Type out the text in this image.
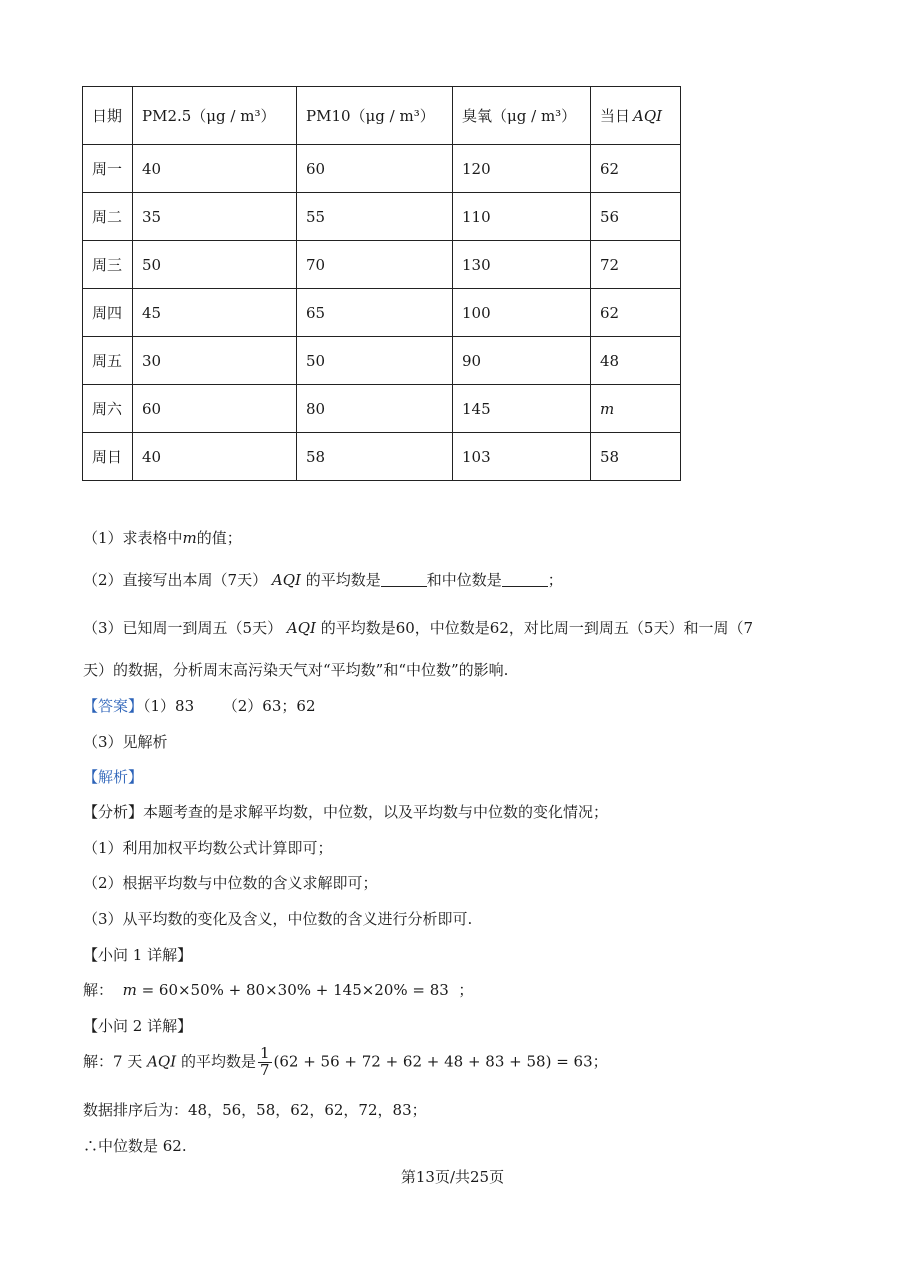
日期	PM2.5（μg / m³）	PM10（μg / m³）	臭氧（μg / m³）	当日 AQI
周一	40	60	120	62
周二	35	55	110	56
周三	50	70	130	72
周四	45	65	100	62
周五	30	50	90	48
周六	60	80	145	m
周日	40	58	103	58
（1）求表格中m的值；
（2）直接写出本周（7天） AQI 的平均数是	和中位数是	；
（3）已知周一到周五（5天） AQI 的平均数是60，中位数是62，对比周一到周五（5天）和一周（7
天）的数据，分析周末高污染天气对“平均数”和“中位数”的影响.
【答案】（1）83 （2）63；62
（3）见解析
【解析】
【分析】本题考查的是求解平均数，中位数，以及平均数与中位数的变化情况；
（1）利用加权平均数公式计算即可；
（2）根据平均数与中位数的含义求解即可；
（3）从平均数的变化及含义，中位数的含义进行分析即可.
【小问 1 详解】
解： m = 60×50% + 80×30% + 145×20% = 83 ；
【小问 2 详解】
解：7 天 AQI 的平均数是 $\frac{1}{7} (62 + 56 + 72 + 62 + 48 + 83 + 58) = 63$；
数据排序后为：48，56，58，62，62，72，83；
∴中位数是 62.
第13页/共25页
